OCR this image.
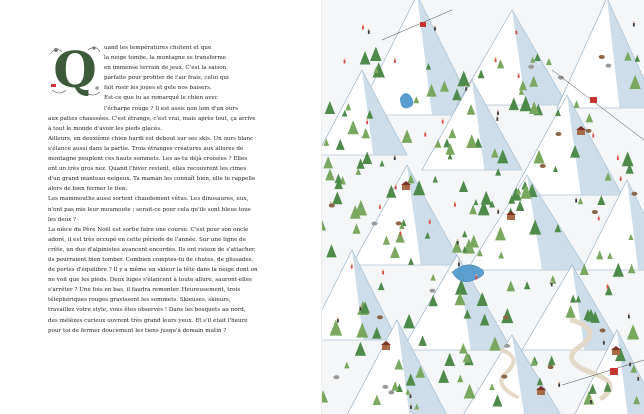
Q	uand les températures chutent et que
la neige tombe, la montagne se transforme
en immense terrain de jeux. C'est la saison
parfaite pour profiter de l'air frais, celui qui
fait rosir les joues et gele nos baisers.
Est-ce que tu as remarqué le chien avec
l'écharpe rouge ? Il est assis non loin d'un ours
aux pattes chaussées. C'est étrange, c'est vrai, mais après tout, ça arrive
à tout le monde d'avoir les pieds glacés.
Ailleurs, un deuxième chien hardi est debout sur ses skis. Un ours blanc
s'élance aussi dans la partie. Trois étranges créatures aux allures de
montagne peuplent ces hauts sommets. Les as-tu déjà croisées ? Elles
ont un très gros nez. Quand l'hiver revient, elles recouvrent les cimes
d'un grand manteau neigeux. Ta maman les connaît bien, elle te rappelle
alors de bien fermer le tien.
Les mammouths aussi sortent chaudement vêtus. Les dinosaures, eux,
n'ont pas mis leur moumoute ; serait-ce pour cela qu'ils sont bleus tous
les deux ?
La nièce du Père Noël est sortie faire une course. C'est pour son oncle
adoré, il est très occupé en cette période de l'année. Sur une ligne de
crête, un duo d'alpinistes avancent encordés. Ils ont raison de s'attacher,
ils pourraient bien tomber. Combien comptes-tu de chutes, de glissades,
de pertes d'équilibre ? Il y a même un skieur la tête dans la neige dont on
ne voit que les pieds. Deux luges s'élancent à toute allure, sauront-elles
s'arrêter ? Une fois en bas, il faudra remonter. Heureusement, trois
téléphériques rouges gravissent les sommets. Skieuses, skieurs,
travaillez votre style, vous êtes observés ! Dans les bosquets au nord,
des mélèzes curieux ouvrent très grand leurs yeux. Et s'il était l'heure
pour toi de fermer doucement les tiens jusqu'à demain matin ?
